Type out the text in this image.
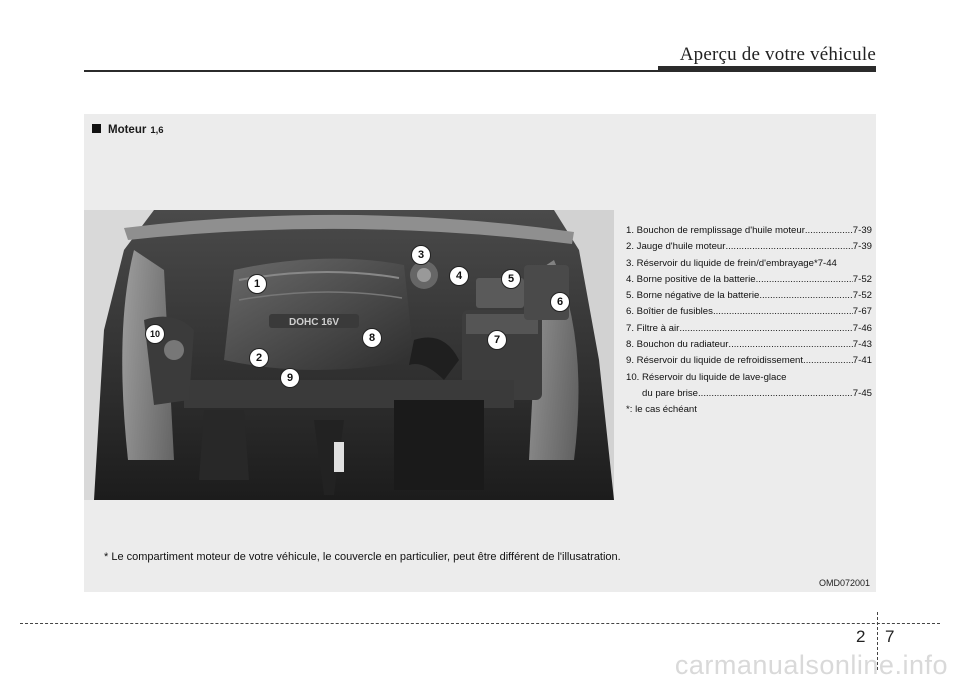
Aperçu de votre véhicule
Moteur 1,6
DOHC 16V
1
2
3
4	5
6
7
8
9
10
1. Bouchon de remplissage d'huile moteur .....	7-39
2. Jauge d'huile moteur .....	7-39
3. Réservoir du liquide de frein/d'embrayage* 7-44
4. Borne positive de la batterie .....	7-52
5. Borne négative de la batterie .....	7-52
6. Boîtier de fusibles .....	7-67
7. Filtre à air .....	7-46
8. Bouchon du radiateur .....	7-43
9. Réservoir du liquide de refroidissement .....	7-41
10. Réservoir du liquide de lave-glace
du pare brise .....	7-45
*: le cas échéant
* Le compartiment moteur de votre véhicule, le couvercle en particulier, peut être différent de l'illusatration.
OMD072001
2 7
carmanualsonline.info
